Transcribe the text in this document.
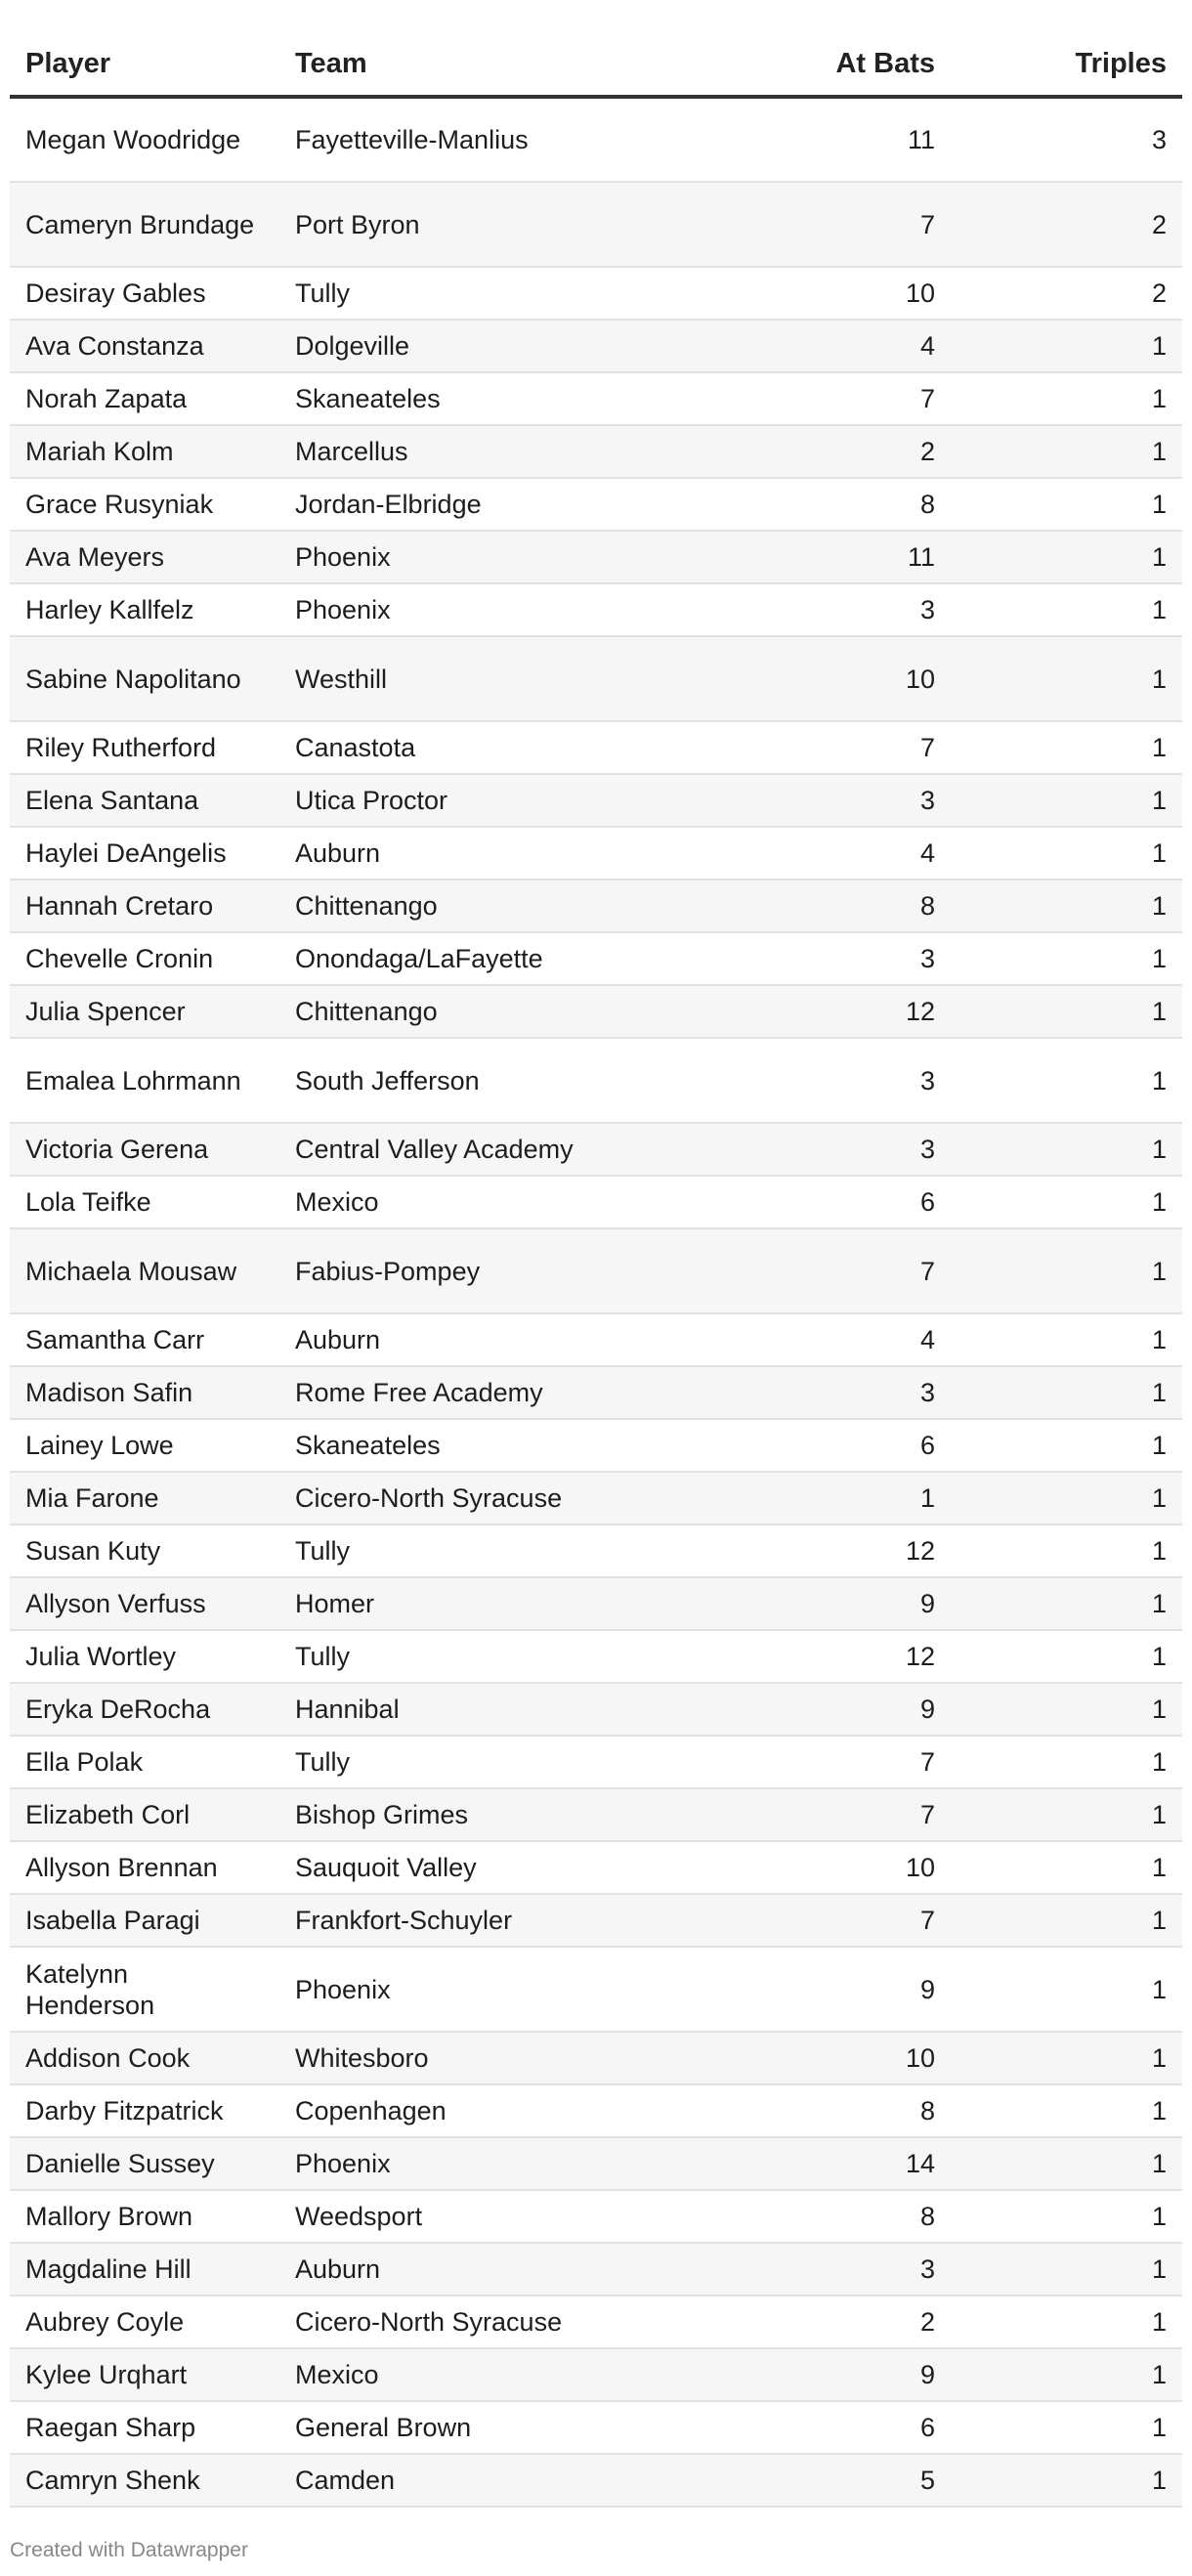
Player	Team	At Bats	Triples
Megan Woodridge	Fayetteville-Manlius	11	3
Cameryn Brundage	Port Byron	7	2
Desiray Gables	Tully	10	2
Ava Constanza	Dolgeville	4	1
Norah Zapata	Skaneateles	7	1
Mariah Kolm	Marcellus	2	1
Grace Rusyniak	Jordan-Elbridge	8	1
Ava Meyers	Phoenix	11	1
Harley Kallfelz	Phoenix	3	1
Sabine Napolitano	Westhill	10	1
Riley Rutherford	Canastota	7	1
Elena Santana	Utica Proctor	3	1
Haylei DeAngelis	Auburn	4	1
Hannah Cretaro	Chittenango	8	1
Chevelle Cronin	Onondaga/LaFayette	3	1
Julia Spencer	Chittenango	12	1
Emalea Lohrmann	South Jefferson	3	1
Victoria Gerena	Central Valley Academy	3	1
Lola Teifke	Mexico	6	1
Michaela Mousaw	Fabius-Pompey	7	1
Samantha Carr	Auburn	4	1
Madison Safin	Rome Free Academy	3	1
Lainey Lowe	Skaneateles	6	1
Mia Farone	Cicero-North Syracuse	1	1
Susan Kuty	Tully	12	1
Allyson Verfuss	Homer	9	1
Julia Wortley	Tully	12	1
Eryka DeRocha	Hannibal	9	1
Ella Polak	Tully	7	1
Elizabeth Corl	Bishop Grimes	7	1
Allyson Brennan	Sauquoit Valley	10	1
Isabella Paragi	Frankfort-Schuyler	7	1
Katelynn Henderson	Phoenix	9	1
Addison Cook	Whitesboro	10	1
Darby Fitzpatrick	Copenhagen	8	1
Danielle Sussey	Phoenix	14	1
Mallory Brown	Weedsport	8	1
Magdaline Hill	Auburn	3	1
Aubrey Coyle	Cicero-North Syracuse	2	1
Kylee Urqhart	Mexico	9	1
Raegan Sharp	General Brown	6	1
Camryn Shenk	Camden	5	1
Created with Datawrapper
